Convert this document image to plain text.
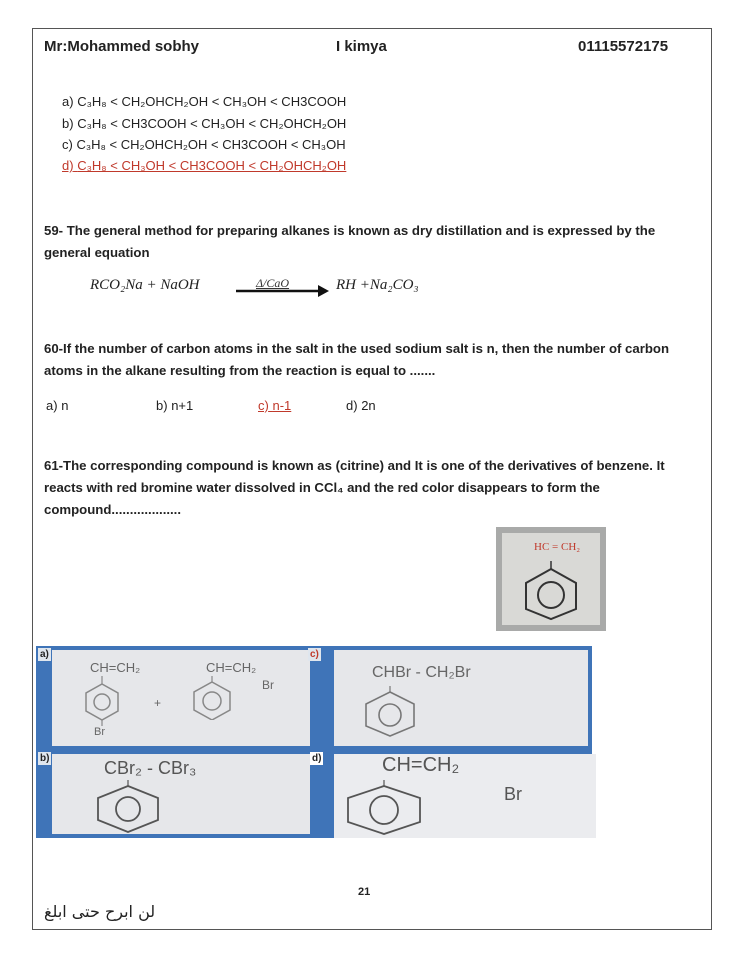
Mr:Mohammed sobhy	I kimya	01115572175
a) C₃H₈ < CH₂OHCH₂OH < CH₃OH < CH3COOH
b) C₃H₈ < CH3COOH < CH₃OH < CH₂OHCH₂OH
c) C₃H₈ < CH₂OHCH₂OH < CH3COOH < CH₃OH
d) C₃H₈ < CH₃OH < CH3COOH < CH₂OHCH₂OH
59- The general method for preparing alkanes is known as dry distillation and is expressed by the general equation
RCO₂Na + NaOH	Δ/CaO	RH +Na₂CO₃
60-If the number of carbon atoms in the salt in the used sodium salt is n, then the number of carbon atoms in the alkane resulting from the reaction is equal to .......
a) n	b) n+1	c) n-1	d) 2n
61-The corresponding compound is known as (citrine) and It is one of the derivatives of benzene. It reacts with red bromine water dissolved in CCl₄ and the red color disappears to form the compound...................
HC = CH₂
CH=CH₂	CH=CH₂
Br
+
Br
a)
CHBr - CH₂Br
c)
CBr₂ - CBr₃
b)	CH=CH₂
Br
d)
21
لن ابرح حتى ابلغ
